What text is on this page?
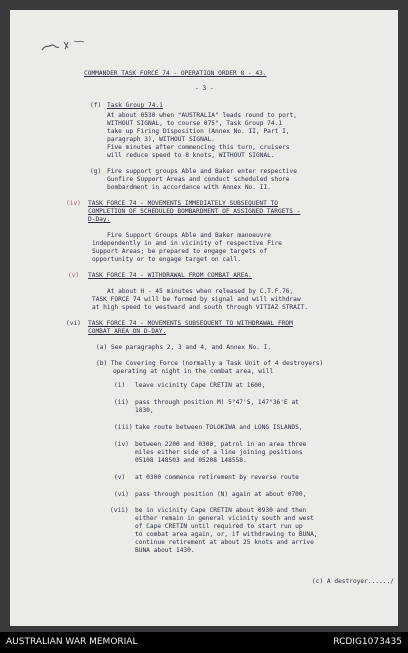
COMMANDER TASK FORCE 74 - OPERATION ORDER 8 - 43.
- 3 -
(f) Task Group 74.1
At about 0530 when "AUSTRALIA" leads round to port,
WITHOUT SIGNAL, to course 075°, Task Group 74.1
take up Firing Disposition (Annex No. II, Part I,
paragraph 3), WITHOUT SIGNAL.
Five minutes after commencing this turn, cruisers
will reduce speed to 8 knots, WITHOUT SIGNAL.
(g) Fire support groups Able and Baker enter respective
Gunfire Support Areas and conduct scheduled shore
bombardment in accordance with Annex No. II.
(iv) TASK FORCE 74 - MOVEMENTS IMMEDIATELY SUBSEQUENT TO
COMPLETION OF SCHEDULED BOMBARDMENT OF ASSIGNED TARGETS -
D-Day.
Fire Support Groups Able and Baker manoeuvre
independently in and in vicinity of respective Fire
Support Areas; be prepared to engage targets of
opportunity or to engage target on call.
(v) TASK FORCE 74 - WITHDRAWAL FROM COMBAT AREA.
At about H - 45 minutes when released by C.T.F.76,
TASK FORCE 74 will be formed by signal and will withdraw
at high speed to westward and south through VITIAZ STRAIT.
(vi) TASK FORCE 74 - MOVEMENTS SUBSEQUENT TO WITHDRAWAL FROM
COMBAT AREA ON D-DAY.
(a) See paragraphs 2, 3 and 4, and Annex No. I.
(b) The Covering Force (normally a Task Unit of 4 destroyers)
operating at night in the combat area, will
(i) leave vicinity Cape CRETIN at 1600,
(ii) pass through position M) 5°47'S, 147°36'E at
1830,
(iii) take route between TOLOKIWA and LONG ISLANDS,
(iv) between 2200 and 0300, patrol in an area three
miles either side of a line joining positions
05108 148503 and 05208 148558.
(v) at 0300 commence retirement by reverse route
(vi) pass through position (N) again at about 0700,
(vii) be in vicinity Cape CRETIN about 0930 and then
either remain in general vicinity south and west
of Cape CRETIN until required to start run up
to combat area again, or, if withdrawing to BUNA,
continue retirement at about 25 knots and arrive
BUNA about 1430.
(c) A destroyer....../
AUSTRALIAN WAR MEMORIAL	RCDIG1073435
